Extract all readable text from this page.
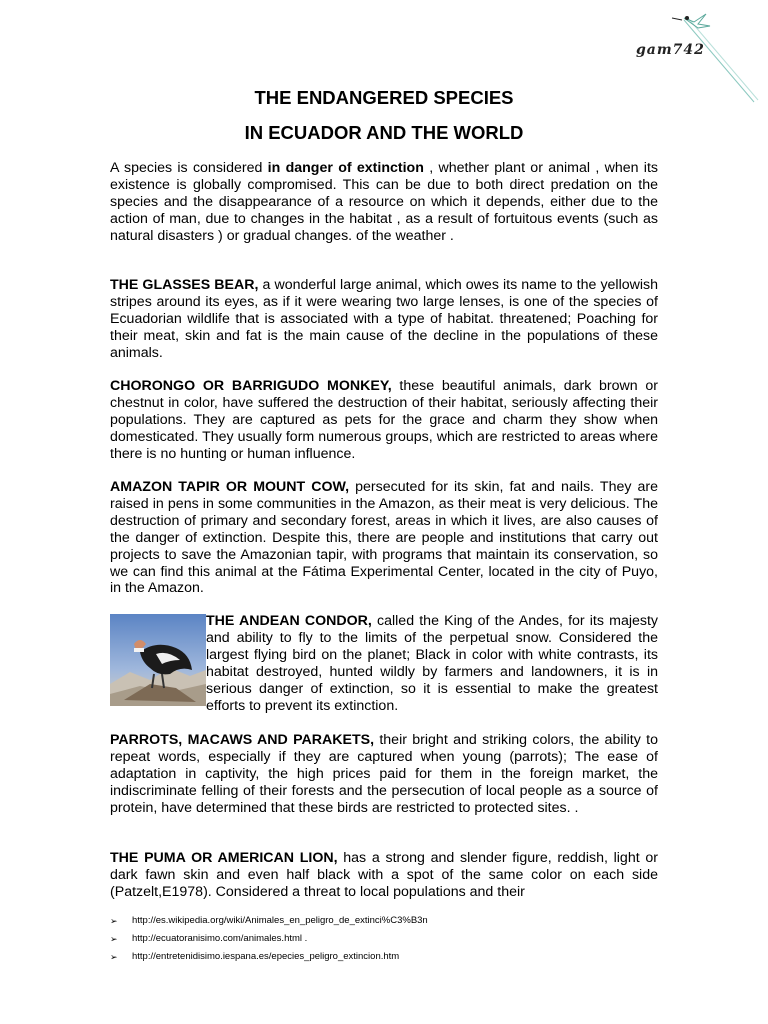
gam742
THE ENDANGERED SPECIES
IN ECUADOR AND THE WORLD
A species is considered in danger of extinction , whether plant or animal , when its existence is globally compromised. This can be due to both direct predation on the species and the disappearance of a resource on which it depends, either due to the action of man, due to changes in the habitat , as a result of fortuitous events (such as natural disasters ) or gradual changes. of the weather .
THE GLASSES BEAR, a wonderful large animal, which owes its name to the yellowish stripes around its eyes, as if it were wearing two large lenses, is one of the species of Ecuadorian wildlife that is associated with a type of habitat. threatened; Poaching for their meat, skin and fat is the main cause of the decline in the populations of these animals.
CHORONGO OR BARRIGUDO MONKEY, these beautiful animals, dark brown or chestnut in color, have suffered the destruction of their habitat, seriously affecting their populations. They are captured as pets for the grace and charm they show when domesticated. They usually form numerous groups, which are restricted to areas where there is no hunting or human influence.
AMAZON TAPIR OR MOUNT COW, persecuted for its skin, fat and nails. They are raised in pens in some communities in the Amazon, as their meat is very delicious. The destruction of primary and secondary forest, areas in which it lives, are also causes of the danger of extinction. Despite this, there are people and institutions that carry out projects to save the Amazonian tapir, with programs that maintain its conservation, so we can find this animal at the Fátima Experimental Center, located in the city of Puyo, in the Amazon.
THE ANDEAN CONDOR, called the King of the Andes, for its majesty and ability to fly to the limits of the perpetual snow. Considered the largest flying bird on the planet; Black in color with white contrasts, its habitat destroyed, hunted wildly by farmers and landowners, it is in serious danger of extinction, so it is essential to make the greatest efforts to prevent its extinction.
PARROTS, MACAWS AND PARAKETS, their bright and striking colors, the ability to repeat words, especially if they are captured when young (parrots); The ease of adaptation in captivity, the high prices paid for them in the foreign market, the indiscriminate felling of their forests and the persecution of local people as a source of protein, have determined that these birds are restricted to protected sites. .
THE PUMA OR AMERICAN LION, has a strong and slender figure, reddish, light or dark fawn skin and even half black with a spot of the same color on each side (Patzelt,E1978). Considered a threat to local populations and their
➢ http://es.wikipedia.org/wiki/Animales_en_peligro_de_extinci%C3%B3n
➢ http://ecuatoranisimo.com/animales.html .
➢ http://entretenidisimo.iespana.es/epecies_peligro_extincion.htm
